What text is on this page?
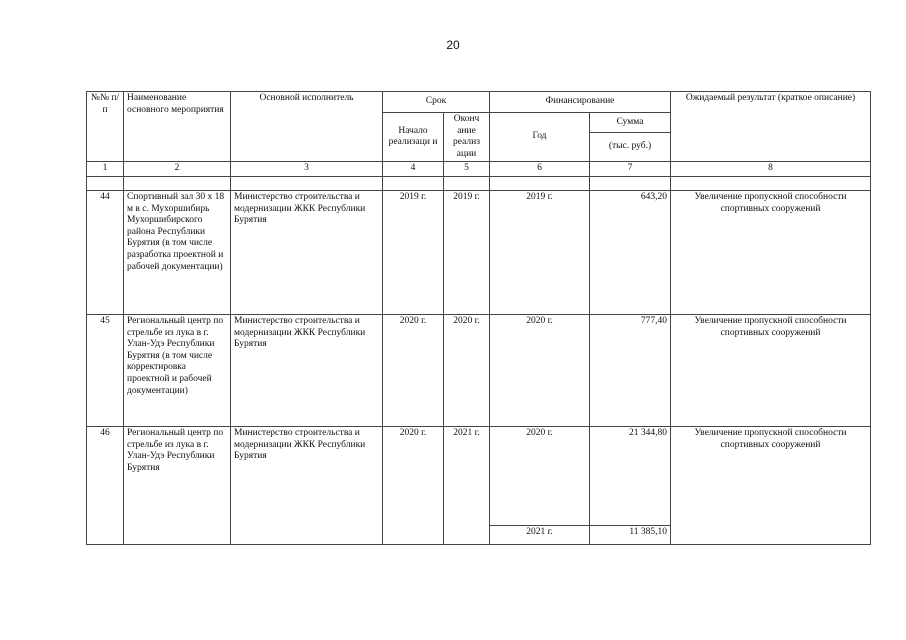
20
№№ п/п	Наименование основного мероприятия	Основной исполнитель	Срок		Финансирование		Ожидаемый результат (краткое описание)
			Начало реализаци и	Оконч ание реализ ации	Год	Сумма	
						(тыс. руб.)	
1	2	3	4	5	6	7	8

44	Спортивный зал 30 х 18 м в с. Мухоршибирь Мухоршибирского района Республики Бурятия (в том числе разработка проектной и рабочей документации)	Министерство строительства и модернизации ЖКК Республики Бурятия	2019 г.	2019 г.	2019 г.	643,20	Увеличение пропускной способности спортивных сооружений
45	Региональный центр по стрельбе из лука в г. Улан-Удэ Республики Бурятия (в том числе корректировка проектной и рабочей документации)	Министерство строительства и модернизации ЖКК Республики Бурятия	2020 г.	2020 г.	2020 г.	777,40	Увеличение пропускной способности спортивных сооружений
46	Региональный центр по стрельбе из лука в г. Улан-Удэ Республики Бурятия	Министерство строительства и модернизации ЖКК Республики Бурятия	2020 г.	2021 г.	2020 г.	21 344,80	Увеличение пропускной способности спортивных сооружений
					2021 г.	11 385,10	
